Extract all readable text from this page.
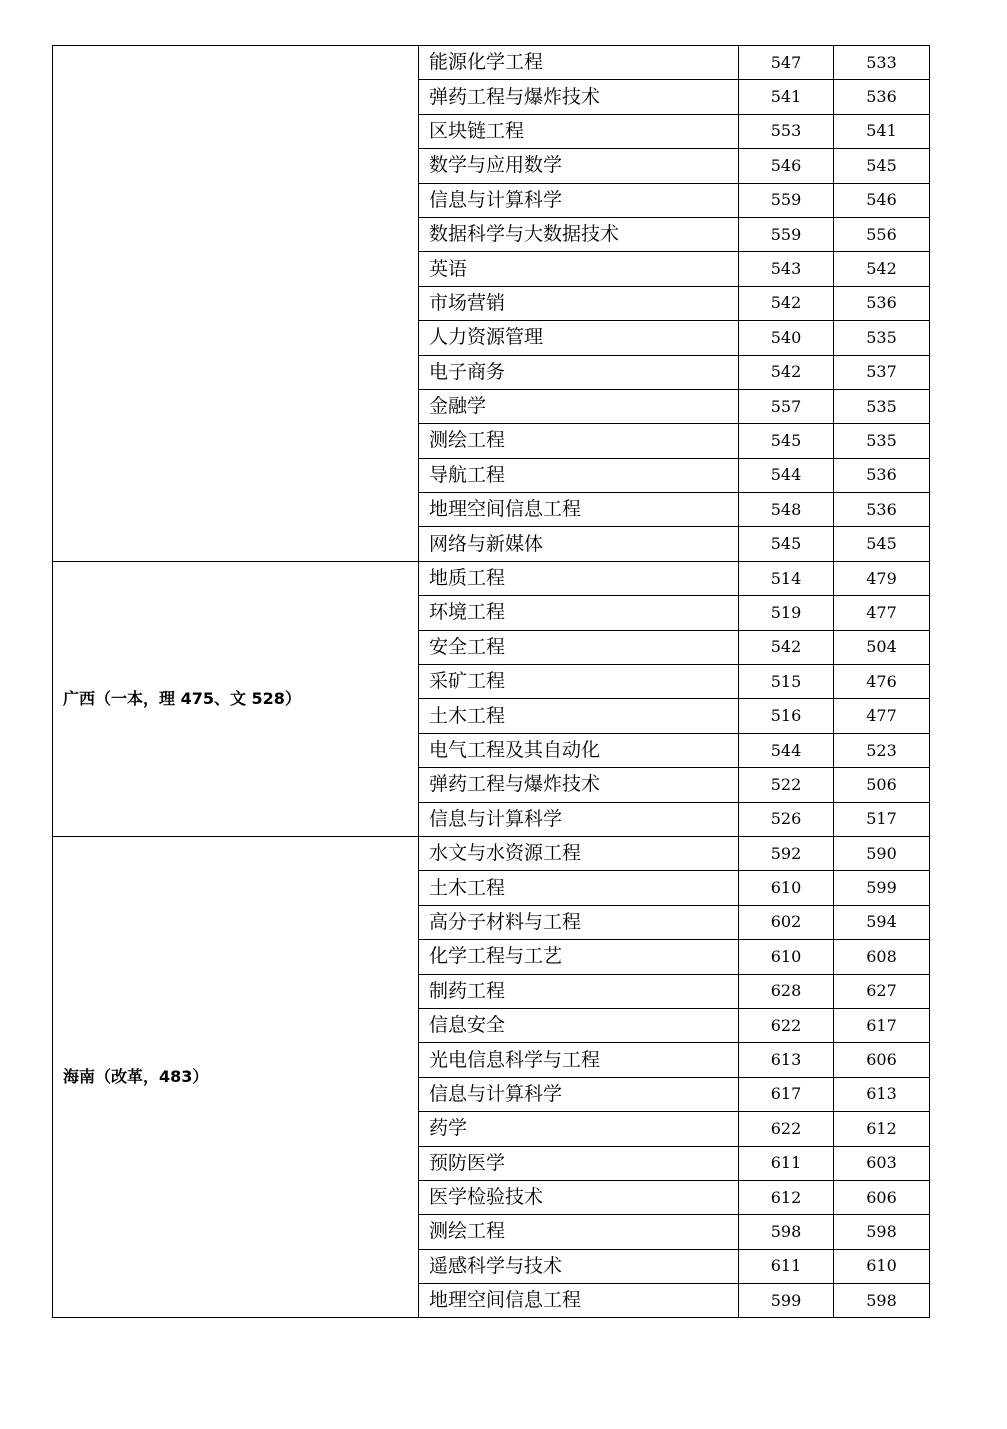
	能源化学工程	547	533
	弹药工程与爆炸技术	541	536
	区块链工程	553	541
	数学与应用数学	546	545
	信息与计算科学	559	546
	数据科学与大数据技术	559	556
	英语	543	542
	市场营销	542	536
	人力资源管理	540	535
	电子商务	542	537
	金融学	557	535
	测绘工程	545	535
	导航工程	544	536
	地理空间信息工程	548	536
	网络与新媒体	545	545
广西（一本，理 475、文 528）	地质工程	514	479
	环境工程	519	477
	安全工程	542	504
	采矿工程	515	476
	土木工程	516	477
	电气工程及其自动化	544	523
	弹药工程与爆炸技术	522	506
	信息与计算科学	526	517
海南（改革，483）	水文与水资源工程	592	590
	土木工程	610	599
	高分子材料与工程	602	594
	化学工程与工艺	610	608
	制药工程	628	627
	信息安全	622	617
	光电信息科学与工程	613	606
	信息与计算科学	617	613
	药学	622	612
	预防医学	611	603
	医学检验技术	612	606
	测绘工程	598	598
	遥感科学与技术	611	610
	地理空间信息工程	599	598
